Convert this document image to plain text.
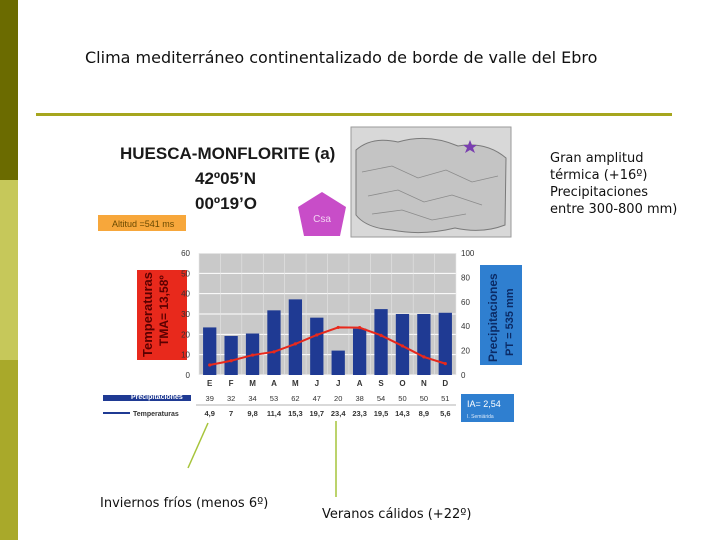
Clima mediterráneo continentalizado de borde de valle del Ebro
Gran amplitud
térmica (+16º)
Precipitaciones
entre 300-800 mm)
Inviernos fríos (menos 6º)
Veranos cálidos (+22º)
HUESCA-MONFLORITE (a)
42º05’N
00º19’O
Altitud =541 ms	Csa
Temperaturas TMA= 13,58º	Precipitaciones PT = 535 mm
0
10
20
30
40
50
60
0
20
40
60
80
100
E F M A M J J A S O N D
Precipitaciones
Temperaturas
39 32 34 53 62 47 20 38 54 50 50 51
4,9 7 9,8 11,4 15,3 19,7 23,4 23,3 19,5 14,3 8,9 5,6
IA= 2,54
I. Semiárida
